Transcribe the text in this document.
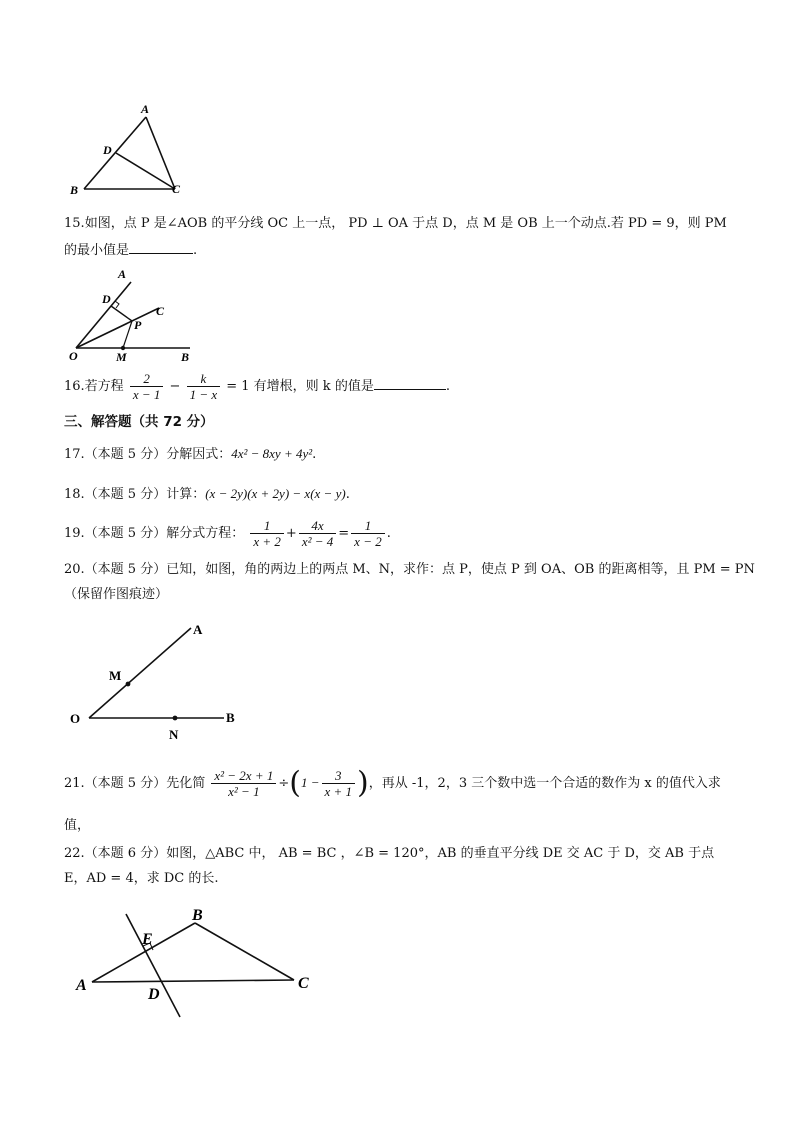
A
D
B	C
15.如图，点 P 是∠AOB 的平分线 OC 上一点， PD ⊥ OA 于点 D，点 M 是 OB 上一个动点.若 PD = 9，则 PM
的最小值是	.
A
D
C
P
O	M	B
16.若方程 $\frac{2}{x - 1} - \frac{k}{1 - x} = 1$ 有增根，则 k 的值是	.
三、解答题（共 72 分）
17.（本题 5 分）分解因式：4x² − 8xy + 4y².
18.（本题 5 分）计算：(x − 2y)(x + 2y) − x(x − y).
19.（本题 5 分）解分式方程： $\frac{1}{x + 2} + \frac{4x}{\text{x² − 4}} = \frac{1}{x - 2}$ .
20.（本题 5 分）已知，如图，角的两边上的两点 M、N，求作：点 P，使点 P 到 OA、OB 的距离相等，且 PM = PN
（保留作图痕迹）
A
M
O
N
B
21.（本题 5 分）先化简 $\frac{\text{x² − 2x + 1}}{\text{x² − 1}} \div(1 - \frac{3}{x + 1}$ )，再从 -1，2，3 三个数中选一个合适的数作为 x 的值代入求
值，
22.（本题 6 分）如图，△ABC 中， AB = BC ，∠B = 120°，AB 的垂直平分线 DE 交 AC 于 D，交 AB 于点
E，AD = 4，求 DC 的长.
B
E
A
D
C
